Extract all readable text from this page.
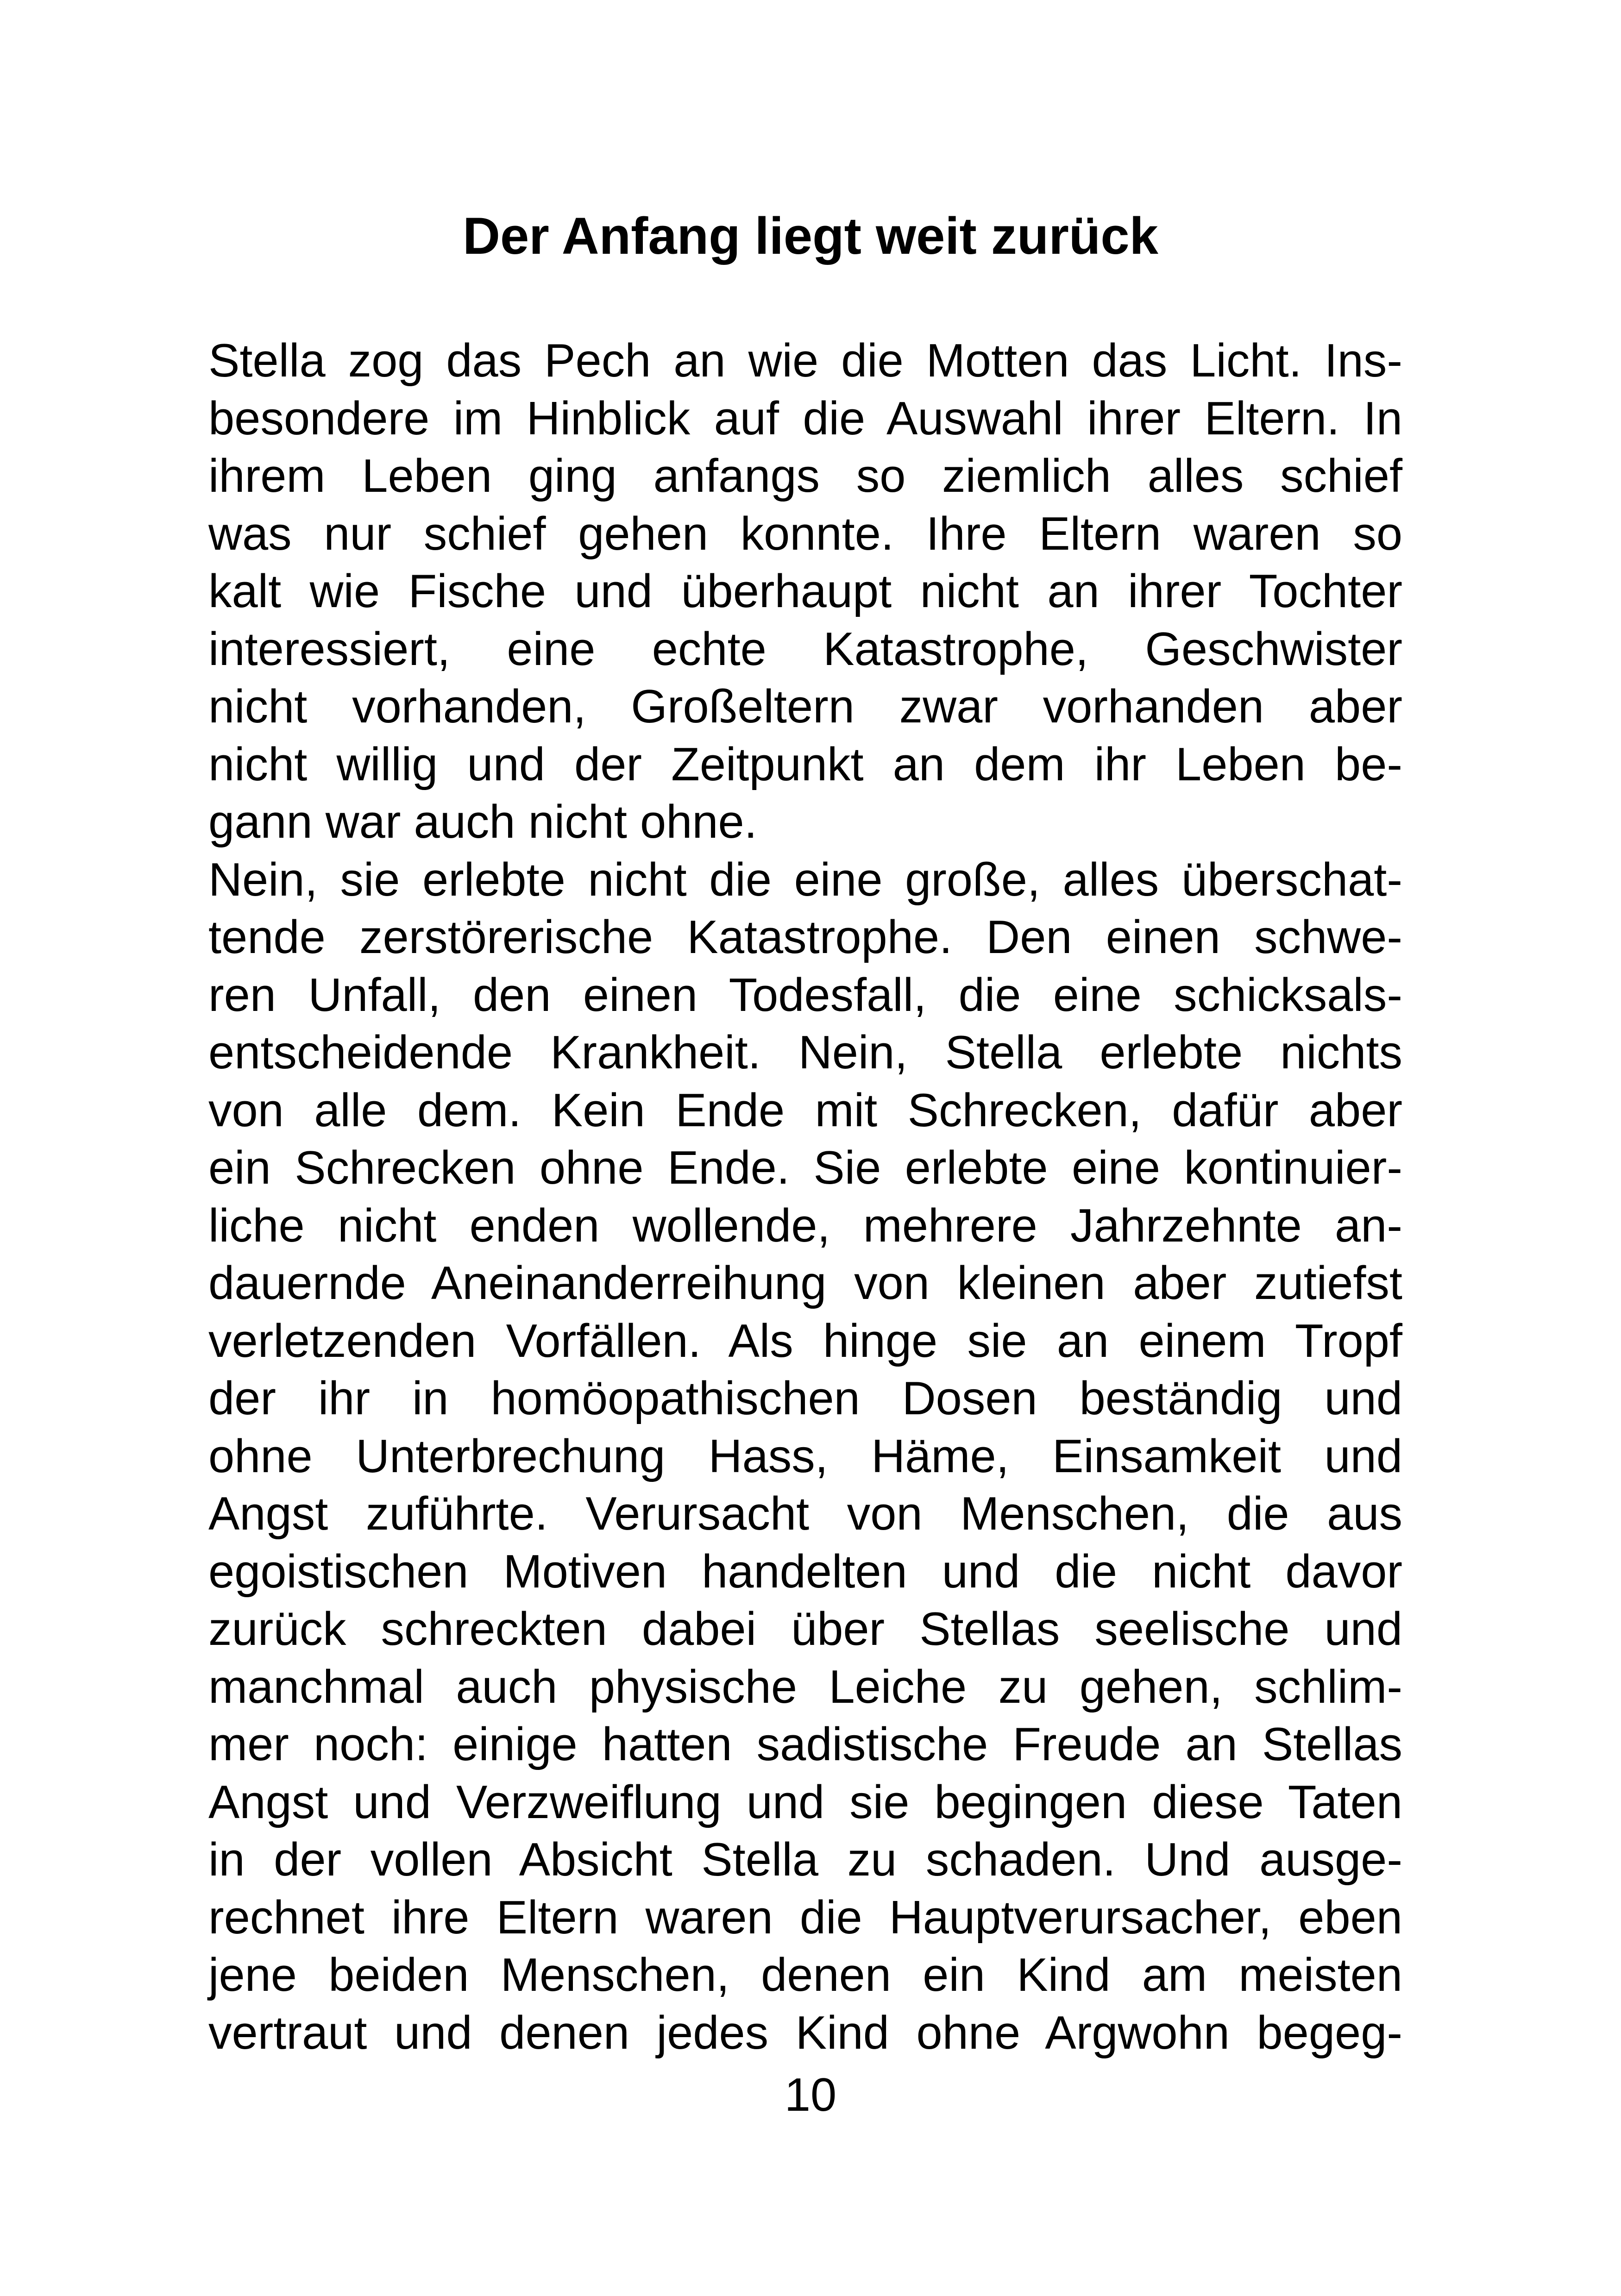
Der Anfang liegt weit zurück
Stella zog das Pech an wie die Motten das Licht. Ins-
besondere im Hinblick auf die Auswahl ihrer Eltern. In
ihrem Leben ging anfangs so ziemlich alles schief
was nur schief gehen konnte. Ihre Eltern waren so
kalt wie Fische und überhaupt nicht an ihrer Tochter
interessiert, eine echte Katastrophe, Geschwister
nicht vorhanden, Großeltern zwar vorhanden aber
nicht willig und der Zeitpunkt an dem ihr Leben be-
gann war auch nicht ohne.
Nein, sie erlebte nicht die eine große, alles überschat-
tende zerstörerische Katastrophe. Den einen schwe-
ren Unfall, den einen Todesfall, die eine schicksals-
entscheidende Krankheit. Nein, Stella erlebte nichts
von alle dem. Kein Ende mit Schrecken, dafür aber
ein Schrecken ohne Ende. Sie erlebte eine kontinuier-
liche nicht enden wollende, mehrere Jahrzehnte an-
dauernde Aneinanderreihung von kleinen aber zutiefst
verletzenden Vorfällen. Als hinge sie an einem Tropf
der ihr in homöopathischen Dosen beständig und
ohne Unterbrechung Hass, Häme, Einsamkeit und
Angst zuführte. Verursacht von Menschen, die aus
egoistischen Motiven handelten und die nicht davor
zurück schreckten dabei über Stellas seelische und
manchmal auch physische Leiche zu gehen, schlim-
mer noch: einige hatten sadistische Freude an Stellas
Angst und Verzweiflung und sie begingen diese Taten
in der vollen Absicht Stella zu schaden. Und ausge-
rechnet ihre Eltern waren die Hauptverursacher, eben
jene beiden Menschen, denen ein Kind am meisten
vertraut und denen jedes Kind ohne Argwohn begeg-
10
